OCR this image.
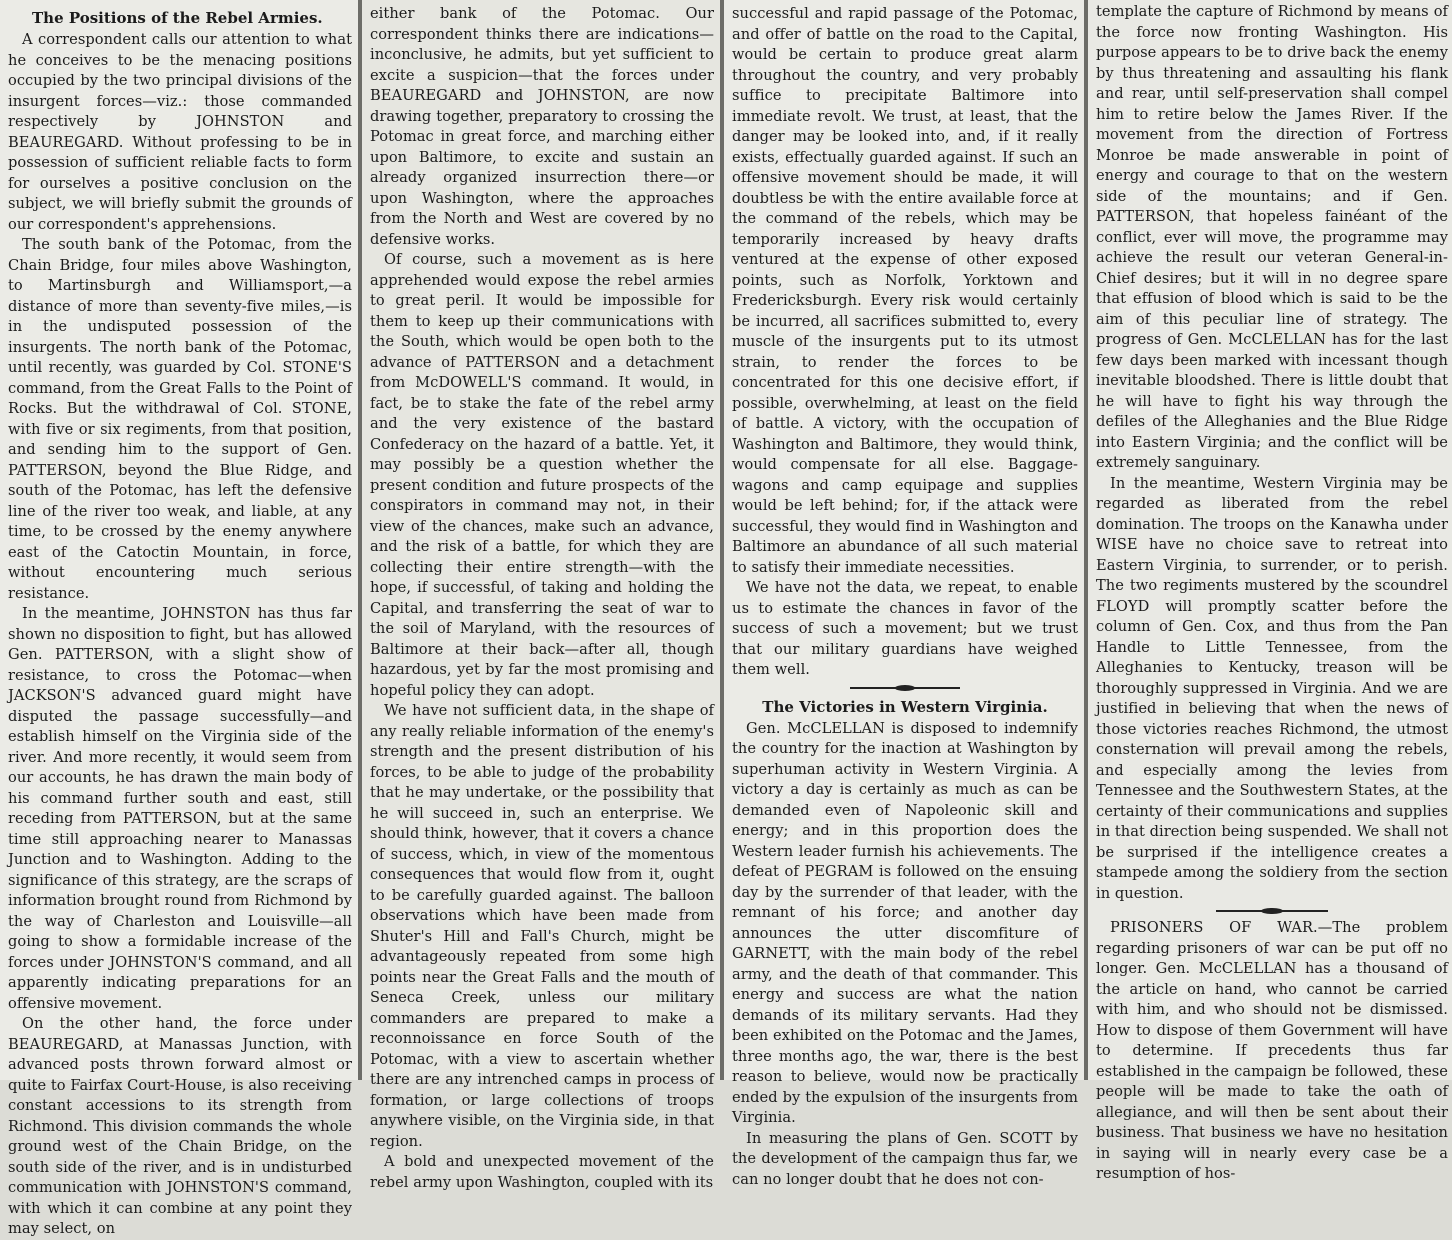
The Positions of the Rebel Armies.

A correspondent calls our attention to what he conceives to be the menacing positions occupied by the two principal divisions of the insurgent forces—viz.: those commanded respectively by JOHNSTON and BEAUREGARD. Without professing to be in possession of sufficient reliable facts to form for ourselves a positive conclusion on the subject, we will briefly submit the grounds of our correspondent's apprehensions.

The south bank of the Potomac, from the Chain Bridge, four miles above Washington, to Martinsburgh and Williamsport,—a distance of more than seventy-five miles,—is in the undisputed possession of the insurgents. The north bank of the Potomac, until recently, was guarded by Col. STONE'S command, from the Great Falls to the Point of Rocks. But the withdrawal of Col. STONE, with five or six regiments, from that position, and sending him to the support of Gen. PATTERSON, beyond the Blue Ridge, and south of the Potomac, has left the defensive line of the river too weak, and liable, at any time, to be crossed by the enemy anywhere east of the Catoctin Mountain, in force, without encountering much serious resistance.

In the meantime, JOHNSTON has thus far shown no disposition to fight, but has allowed Gen. PATTERSON, with a slight show of resistance, to cross the Potomac—when JACKSON'S advanced guard might have disputed the passage successfully—and establish himself on the Virginia side of the river. And more recently, it would seem from our accounts, he has drawn the main body of his command further south and east, still receding from PATTERSON, but at the same time still approaching nearer to Manassas Junction and to Washington. Adding to the significance of this strategy, are the scraps of information brought round from Richmond by the way of Charleston and Louisville—all going to show a formidable increase of the forces under JOHNSTON'S command, and all apparently indicating preparations for an offensive movement.

On the other hand, the force under BEAUREGARD, at Manassas Junction, with advanced posts thrown forward almost or quite to Fairfax Court-House, is also receiving constant accessions to its strength from Richmond. This division commands the whole ground west of the Chain Bridge, on the south side of the river, and is in undisturbed communication with JOHNSTON'S command, with which it can combine at any point they may select, on

either bank of the Potomac. Our correspondent thinks there are indications—inconclusive, he admits, but yet sufficient to excite a suspicion—that the forces under BEAUREGARD and JOHNSTON, are now drawing together, preparatory to crossing the Potomac in great force, and marching either upon Baltimore, to excite and sustain an already organized insurrection there—or upon Washington, where the approaches from the North and West are covered by no defensive works.

Of course, such a movement as is here apprehended would expose the rebel armies to great peril. It would be impossible for them to keep up their communications with the South, which would be open both to the advance of PATTERSON and a detachment from McDOWELL'S command. It would, in fact, be to stake the fate of the rebel army and the very existence of the bastard Confederacy on the hazard of a battle. Yet, it may possibly be a question whether the present condition and future prospects of the conspirators in command may not, in their view of the chances, make such an advance, and the risk of a battle, for which they are collecting their entire strength—with the hope, if successful, of taking and holding the Capital, and transferring the seat of war to the soil of Maryland, with the resources of Baltimore at their back—after all, though hazardous, yet by far the most promising and hopeful policy they can adopt.

We have not sufficient data, in the shape of any really reliable information of the enemy's strength and the present distribution of his forces, to be able to judge of the probability that he may undertake, or the possibility that he will succeed in, such an enterprise. We should think, however, that it covers a chance of success, which, in view of the momentous consequences that would flow from it, ought to be carefully guarded against. The balloon observations which have been made from Shuter's Hill and Fall's Church, might be advantageously repeated from some high points near the Great Falls and the mouth of Seneca Creek, unless our military commanders are prepared to make a reconnoissance en force South of the Potomac, with a view to ascertain whether there are any intrenched camps in process of formation, or large collections of troops anywhere visible, on the Virginia side, in that region.

A bold and unexpected movement of the rebel army upon Washington, coupled with its

successful and rapid passage of the Potomac, and offer of battle on the road to the Capital, would be certain to produce great alarm throughout the country, and very probably suffice to precipitate Baltimore into immediate revolt. We trust, at least, that the danger may be looked into, and, if it really exists, effectually guarded against. If such an offensive movement should be made, it will doubtless be with the entire available force at the command of the rebels, which may be temporarily increased by heavy drafts ventured at the expense of other exposed points, such as Norfolk, Yorktown and Fredericksburgh. Every risk would certainly be incurred, all sacrifices submitted to, every muscle of the insurgents put to its utmost strain, to render the forces to be concentrated for this one decisive effort, if possible, overwhelming, at least on the field of battle. A victory, with the occupation of Washington and Baltimore, they would think, would compensate for all else. Baggage-wagons and camp equipage and supplies would be left behind; for, if the attack were successful, they would find in Washington and Baltimore an abundance of all such material to satisfy their immediate necessities.

We have not the data, we repeat, to enable us to estimate the chances in favor of the success of such a movement; but we trust that our military guardians have weighed them well.

The Victories in Western Virginia.

Gen. McCLELLAN is disposed to indemnify the country for the inaction at Washington by superhuman activity in Western Virginia. A victory a day is certainly as much as can be demanded even of Napoleonic skill and energy; and in this proportion does the Western leader furnish his achievements. The defeat of PEGRAM is followed on the ensuing day by the surrender of that leader, with the remnant of his force; and another day announces the utter discomfiture of GARNETT, with the main body of the rebel army, and the death of that commander. This energy and success are what the nation demands of its military servants. Had they been exhibited on the Potomac and the James, three months ago, the war, there is the best reason to believe, would now be practically ended by the expulsion of the insurgents from Virginia.

In measuring the plans of Gen. SCOTT by the development of the campaign thus far, we can no longer doubt that he does not con-

template the capture of Richmond by means of the force now fronting Washington. His purpose appears to be to drive back the enemy by thus threatening and assaulting his flank and rear, until self-preservation shall compel him to retire below the James River. If the movement from the direction of Fortress Monroe be made answerable in point of energy and courage to that on the western side of the mountains; and if Gen. PATTERSON, that hopeless fainéant of the conflict, ever will move, the programme may achieve the result our veteran General-in-Chief desires; but it will in no degree spare that effusion of blood which is said to be the aim of this peculiar line of strategy. The progress of Gen. McCLELLAN has for the last few days been marked with incessant though inevitable bloodshed. There is little doubt that he will have to fight his way through the defiles of the Alleghanies and the Blue Ridge into Eastern Virginia; and the conflict will be extremely sanguinary.

In the meantime, Western Virginia may be regarded as liberated from the rebel domination. The troops on the Kanawha under WISE have no choice save to retreat into Eastern Virginia, to surrender, or to perish. The two regiments mustered by the scoundrel FLOYD will promptly scatter before the column of Gen. Cox, and thus from the Pan Handle to Little Tennessee, from the Alleghanies to Kentucky, treason will be thoroughly suppressed in Virginia. And we are justified in believing that when the news of those victories reaches Richmond, the utmost consternation will prevail among the rebels, and especially among the levies from Tennessee and the Southwestern States, at the certainty of their communications and supplies in that direction being suspended. We shall not be surprised if the intelligence creates a stampede among the soldiery from the section in question.

PRISONERS OF WAR.—The problem regarding prisoners of war can be put off no longer. Gen. McCLELLAN has a thousand of the article on hand, who cannot be carried with him, and who should not be dismissed. How to dispose of them Government will have to determine. If precedents thus far established in the campaign be followed, these people will be made to take the oath of allegiance, and will then be sent about their business. That business we have no hesitation in saying will in nearly every case be a resumption of hos-
